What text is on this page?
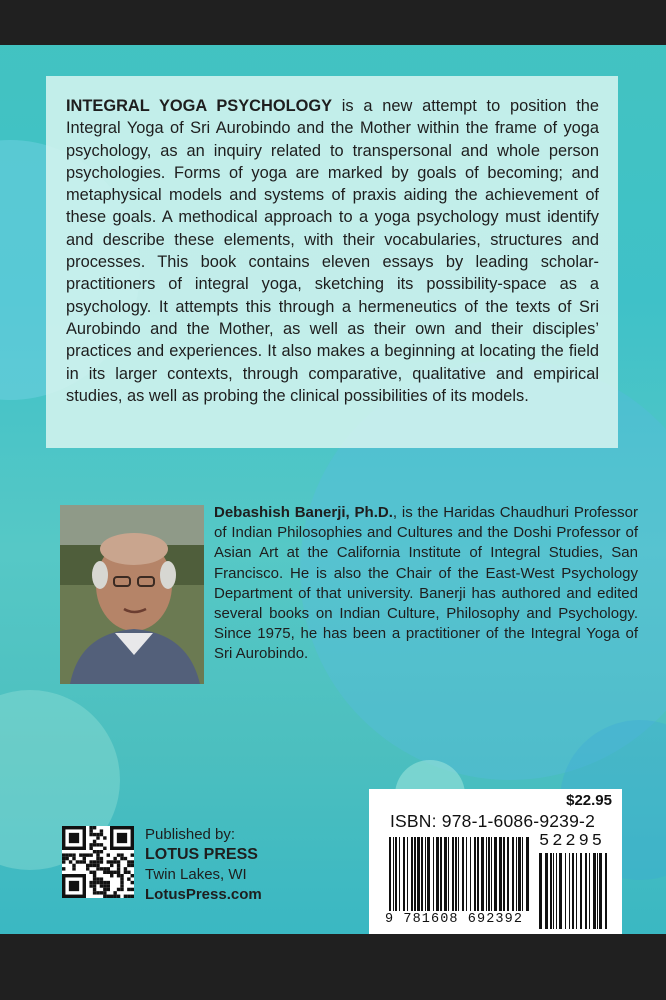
INTEGRAL YOGA PSYCHOLOGY is a new attempt to position the Integral Yoga of Sri Aurobindo and the Mother within the frame of yoga psychology, as an inquiry related to transpersonal and whole person psychologies. Forms of yoga are marked by goals of becoming; and metaphysical models and systems of praxis aiding the achievement of these goals. A methodical approach to a yoga psychology must identify and describe these elements, with their vocabularies, structures and processes. This book contains eleven essays by leading scholar-practitioners of integral yoga, sketching its possibility-space as a psychology. It attempts this through a hermeneutics of the texts of Sri Aurobindo and the Mother, as well as their own and their disciples’ practices and experiences. It also makes a beginning at locating the field in its larger contexts, through comparative, qualitative and empirical studies, as well as probing the clinical possibilities of its models.

Debashish Banerji, Ph.D., is the Haridas Chaudhuri Professor of Indian Philosophies and Cultures and the Doshi Professor of Asian Art at the California Institute of Integral Studies, San Francisco. He is also the Chair of the East-West Psychology Department of that university. Banerji has authored and edited several books on Indian Culture, Philosophy and Psychology. Since 1975, he has been a practitioner of the Integral Yoga of Sri Aurobindo.

Published by:
LOTUS PRESS
Twin Lakes, WI
LotusPress.com
$22.95
ISBN: 978-1-6086-9239-2
52295
9 781608 692392
